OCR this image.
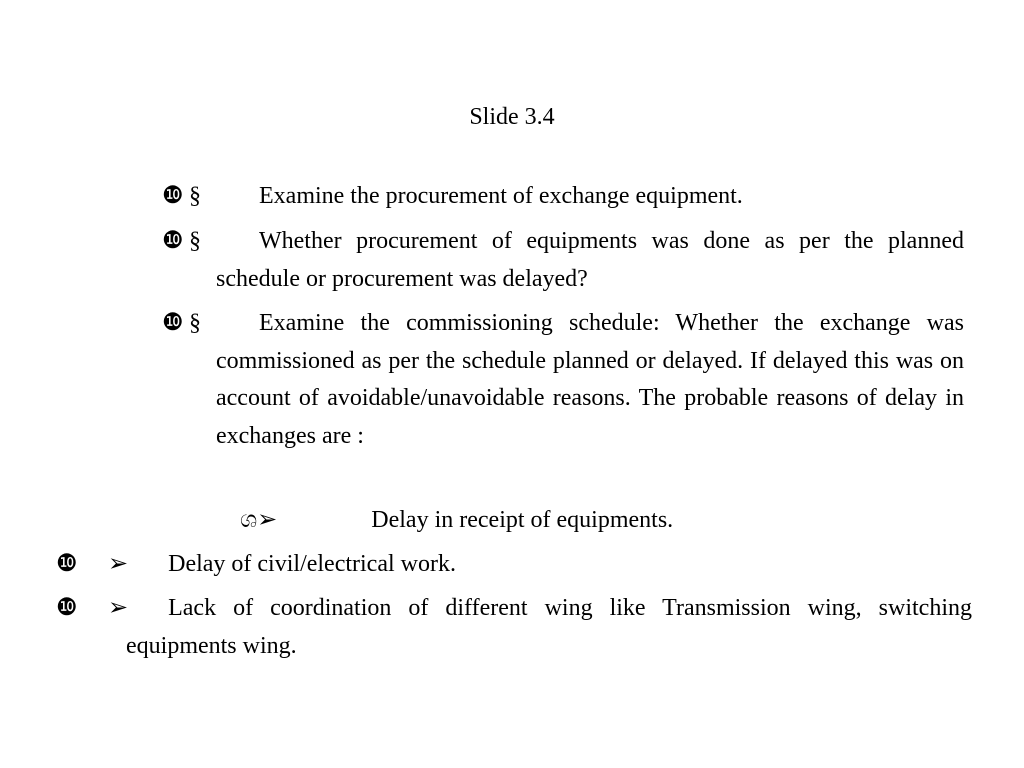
Slide 3.4
❿ § Examine the procurement of exchange equipment.
❿ § Whether procurement of equipments was done as per the planned schedule or procurement was delayed?
❿ § Examine the commissioning schedule: Whether the exchange was commissioned as per the schedule planned or delayed. If delayed this was on account of avoidable/unavoidable reasons. The probable reasons of delay in exchanges are :
ශ➢	Delay in receipt of equipments.
❿ ➢ Delay of civil/electrical work.
❿ ➢ Lack of coordination of different wing like Transmission wing, switching equipments wing.
